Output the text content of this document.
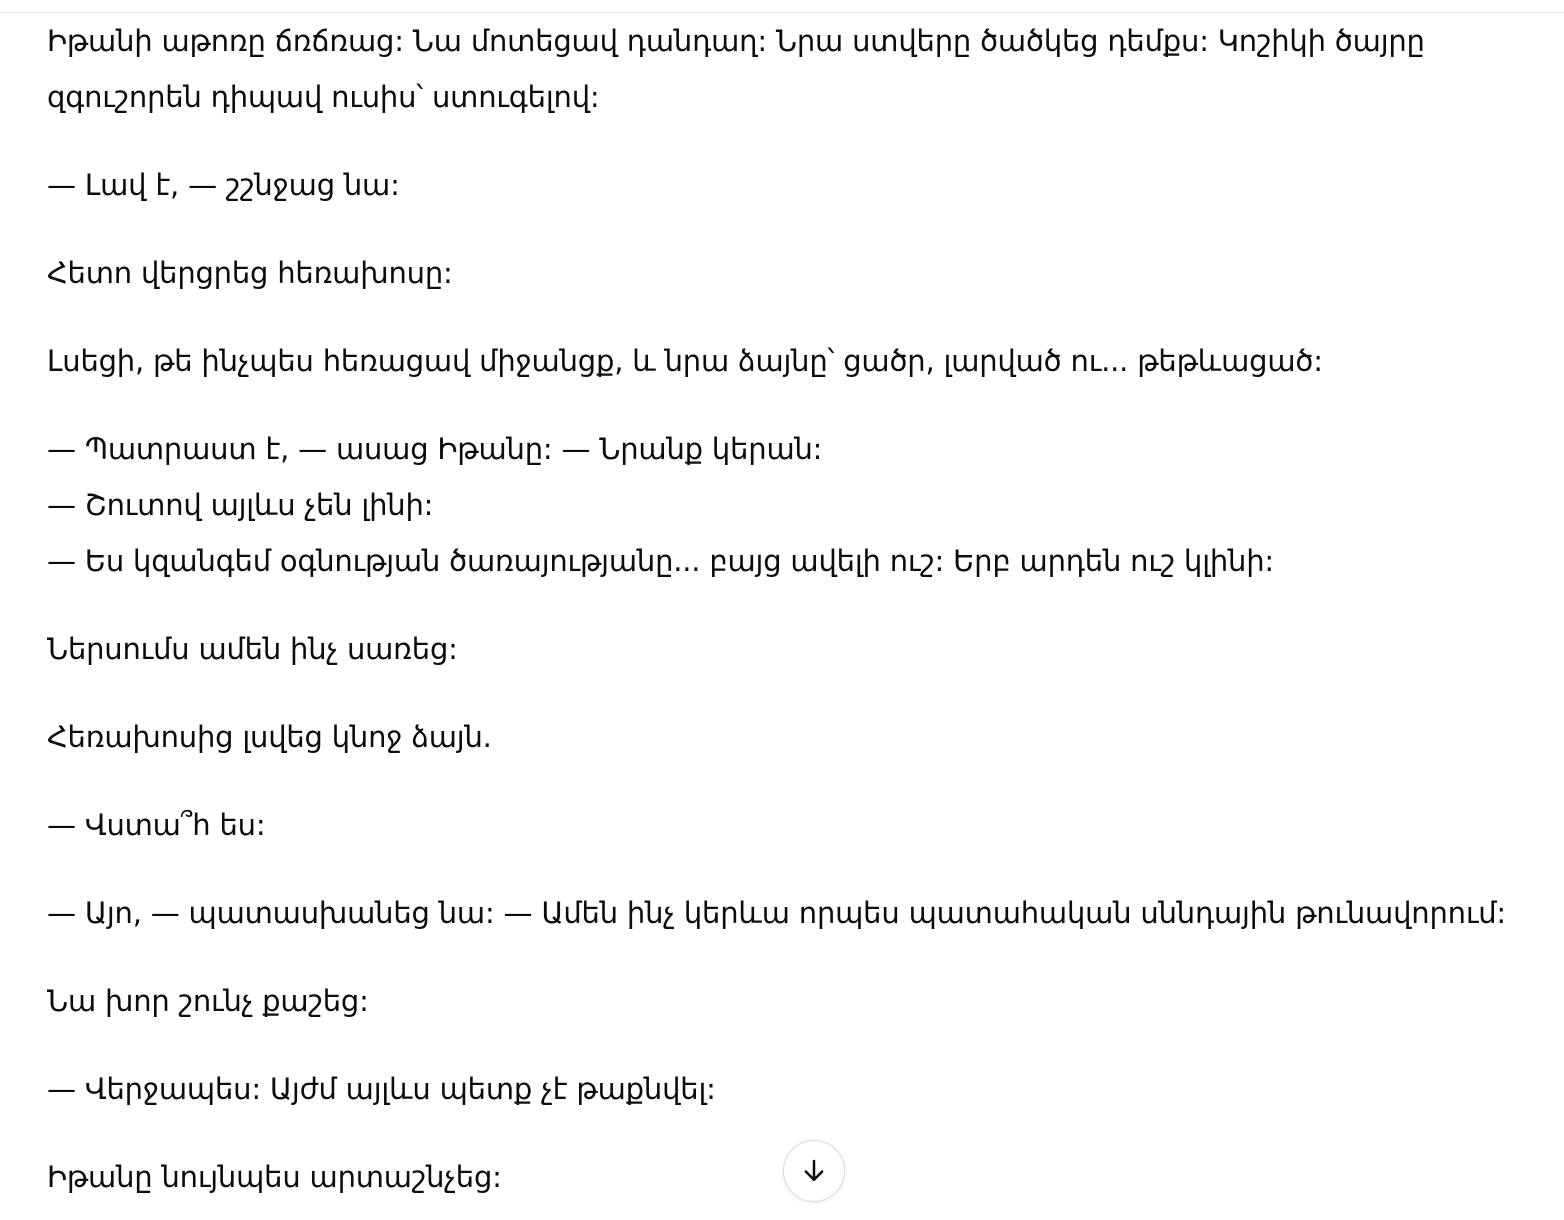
Իթանի աթոռը ճռճռաց: Նա մոտեցավ դանդաղ: Նրա ստվերը ծածկեց դեմքս: Կոշիկի ծայրը զգուշորեն դիպավ ուսիս՝ ստուգելով:

— Լավ է, — շշնջաց նա:

Հետո վերցրեց հեռախոսը:

Լսեցի, թե ինչպես հեռացավ միջանցք, և նրա ձայնը՝ ցածր, լարված ու... թեթևացած:

— Պատրաստ է, — ասաց Իթանը: — Նրանք կերան:

— Շուտով այլևս չեն լինի:

— Ես կզանգեմ օգնության ծառայությանը... բայց ավելի ուշ: Երբ արդեն ուշ կլինի:

Ներսումս ամեն ինչ սառեց:

Հեռախոսից լսվեց կնոջ ձայն.

— Վստա՞հ ես:

— Այո, — պատասխանեց նա: — Ամեն ինչ կերևա որպես պատահական սննդային թունավորում:

Նա խոր շունչ քաշեց:

— Վերջապես: Այժմ այլևս պետք չէ թաքնվել:

Իթանը նույնպես արտաշնչեց:
